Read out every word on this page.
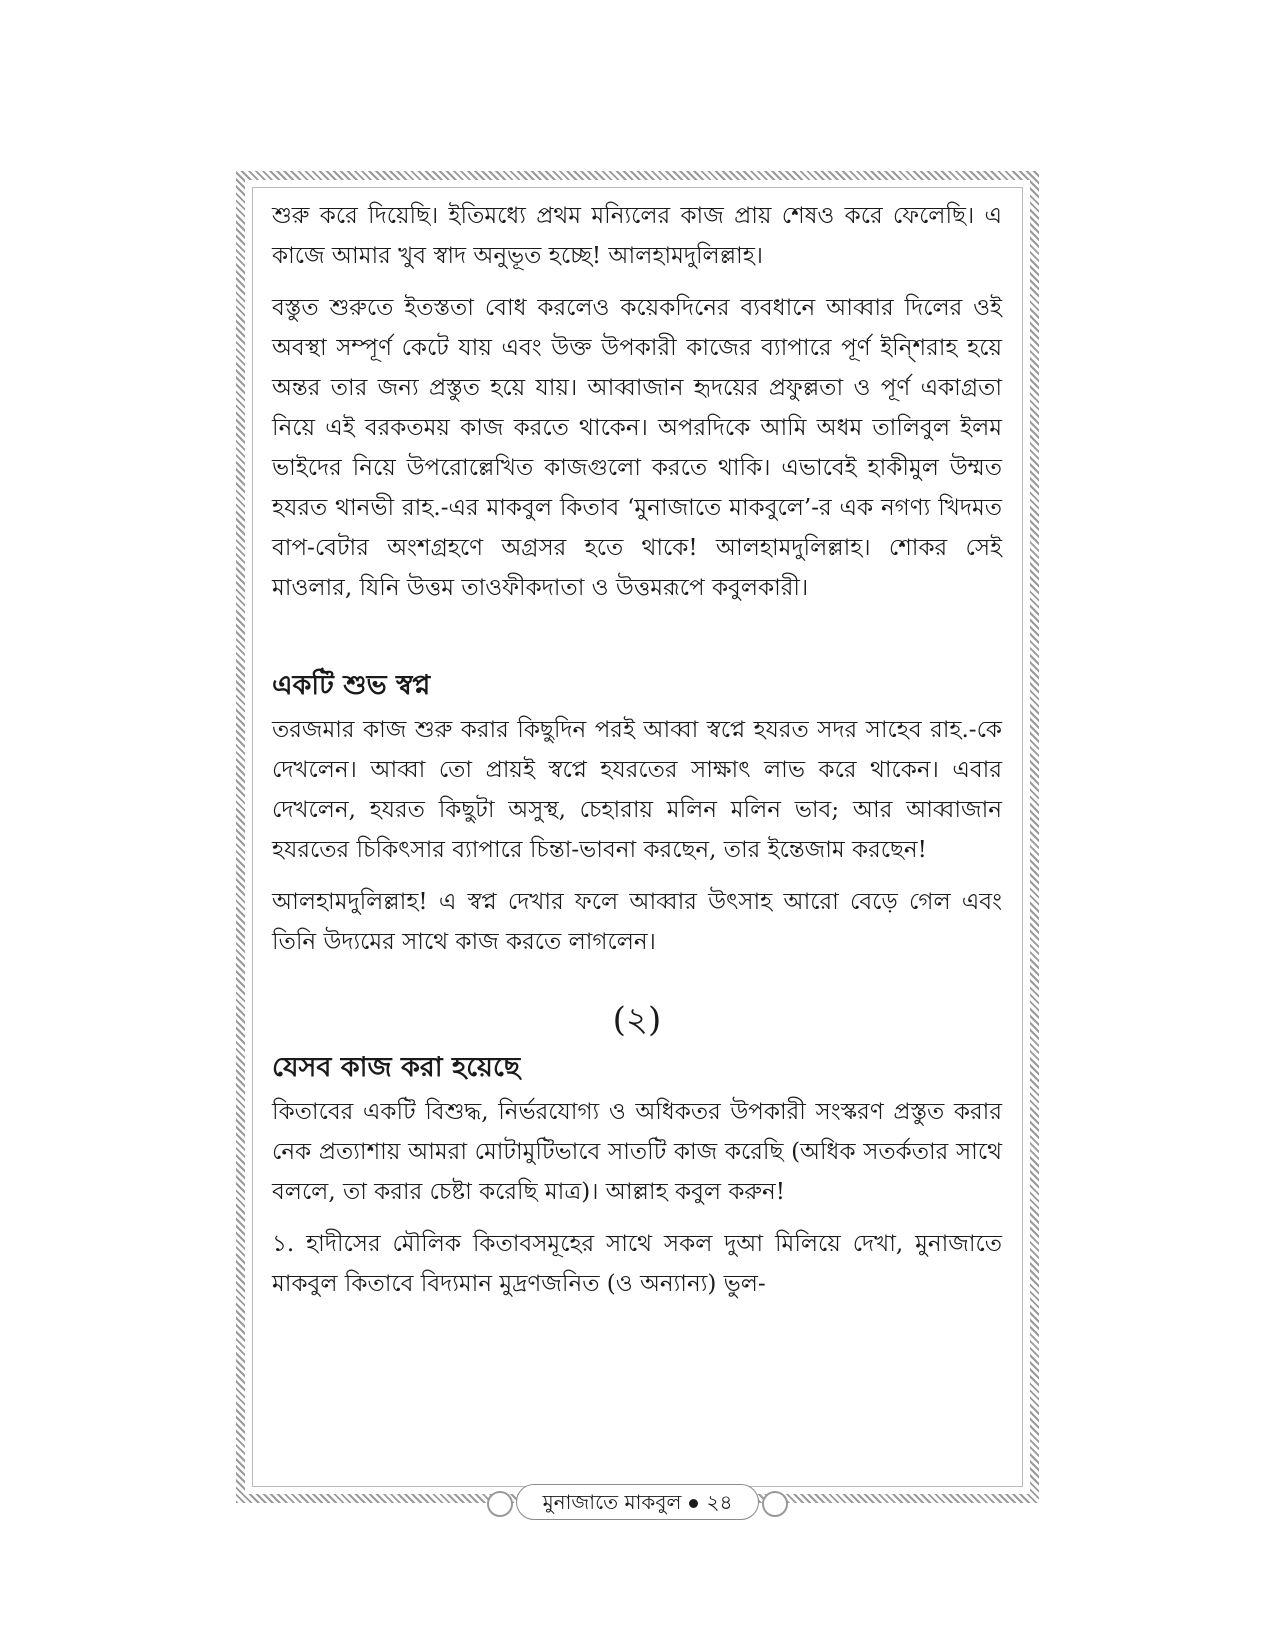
শুরু করে দিয়েছি। ইতিমধ্যে প্রথম মন্যিলের কাজ প্রায় শেষও করে ফেলেছি। এ কাজে আমার খুব স্বাদ অনুভূত হচ্ছে! আলহামদুলিল্লাহ।

বস্তুত শুরুতে ইতস্ততা বোধ করলেও কয়েকদিনের ব্যবধানে আব্বার দিলের ওই অবস্থা সম্পূর্ণ কেটে যায় এবং উক্ত উপকারী কাজের ব্যাপারে পূর্ণ ইন্শিরাহ হয়ে অন্তর তার জন্য প্রস্তুত হয়ে যায়। আব্বাজান হৃদয়ের প্রফুল্লতা ও পূর্ণ একাগ্রতা নিয়ে এই বরকতময় কাজ করতে থাকেন। অপরদিকে আমি অধম তালিবুল ইলম ভাইদের নিয়ে উপরোল্লেখিত কাজগুলো করতে থাকি। এভাবেই হাকীমুল উম্মত হযরত থানভী রাহ.-এর মাকবুল কিতাব ‘মুনাজাতে মাকবুলে’-র এক নগণ্য খিদমত বাপ-বেটার অংশগ্রহণে অগ্রসর হতে থাকে! আলহামদুলিল্লাহ। শোকর সেই মাওলার, যিনি উত্তম তাওফীকদাতা ও উত্তমরূপে কবুলকারী।

একটি শুভ স্বপ্ন

তরজমার কাজ শুরু করার কিছুদিন পরই আব্বা স্বপ্নে হযরত সদর সাহেব রাহ.-কে দেখলেন। আব্বা তো প্রায়ই স্বপ্নে হযরতের সাক্ষাৎ লাভ করে থাকেন। এবার দেখলেন, হযরত কিছুটা অসুস্থ, চেহারায় মলিন মলিন ভাব; আর আব্বাজান হযরতের চিকিৎসার ব্যাপারে চিন্তা-ভাবনা করছেন, তার ইন্তেজাম করছেন!

আলহামদুলিল্লাহ! এ স্বপ্ন দেখার ফলে আব্বার উৎসাহ আরো বেড়ে গেল এবং তিনি উদ্যমের সাথে কাজ করতে লাগলেন।

(২)
যেসব কাজ করা হয়েছে

কিতাবের একটি বিশুদ্ধ, নির্ভরযোগ্য ও অধিকতর উপকারী সংস্করণ প্রস্তুত করার নেক প্রত্যাশায় আমরা মোটামুটিভাবে সাতটি কাজ করেছি (অধিক সতর্কতার সাথে বললে, তা করার চেষ্টা করেছি মাত্র)। আল্লাহ কবুল করুন!

১. হাদীসের মৌলিক কিতাবসমূহের সাথে সকল দুআ মিলিয়ে দেখা, মুনাজাতে মাকবুল কিতাবে বিদ্যমান মুদ্রণজনিত (ও অন্যান্য) ভুল-

মুনাজাতে মাকবুল ২৪
